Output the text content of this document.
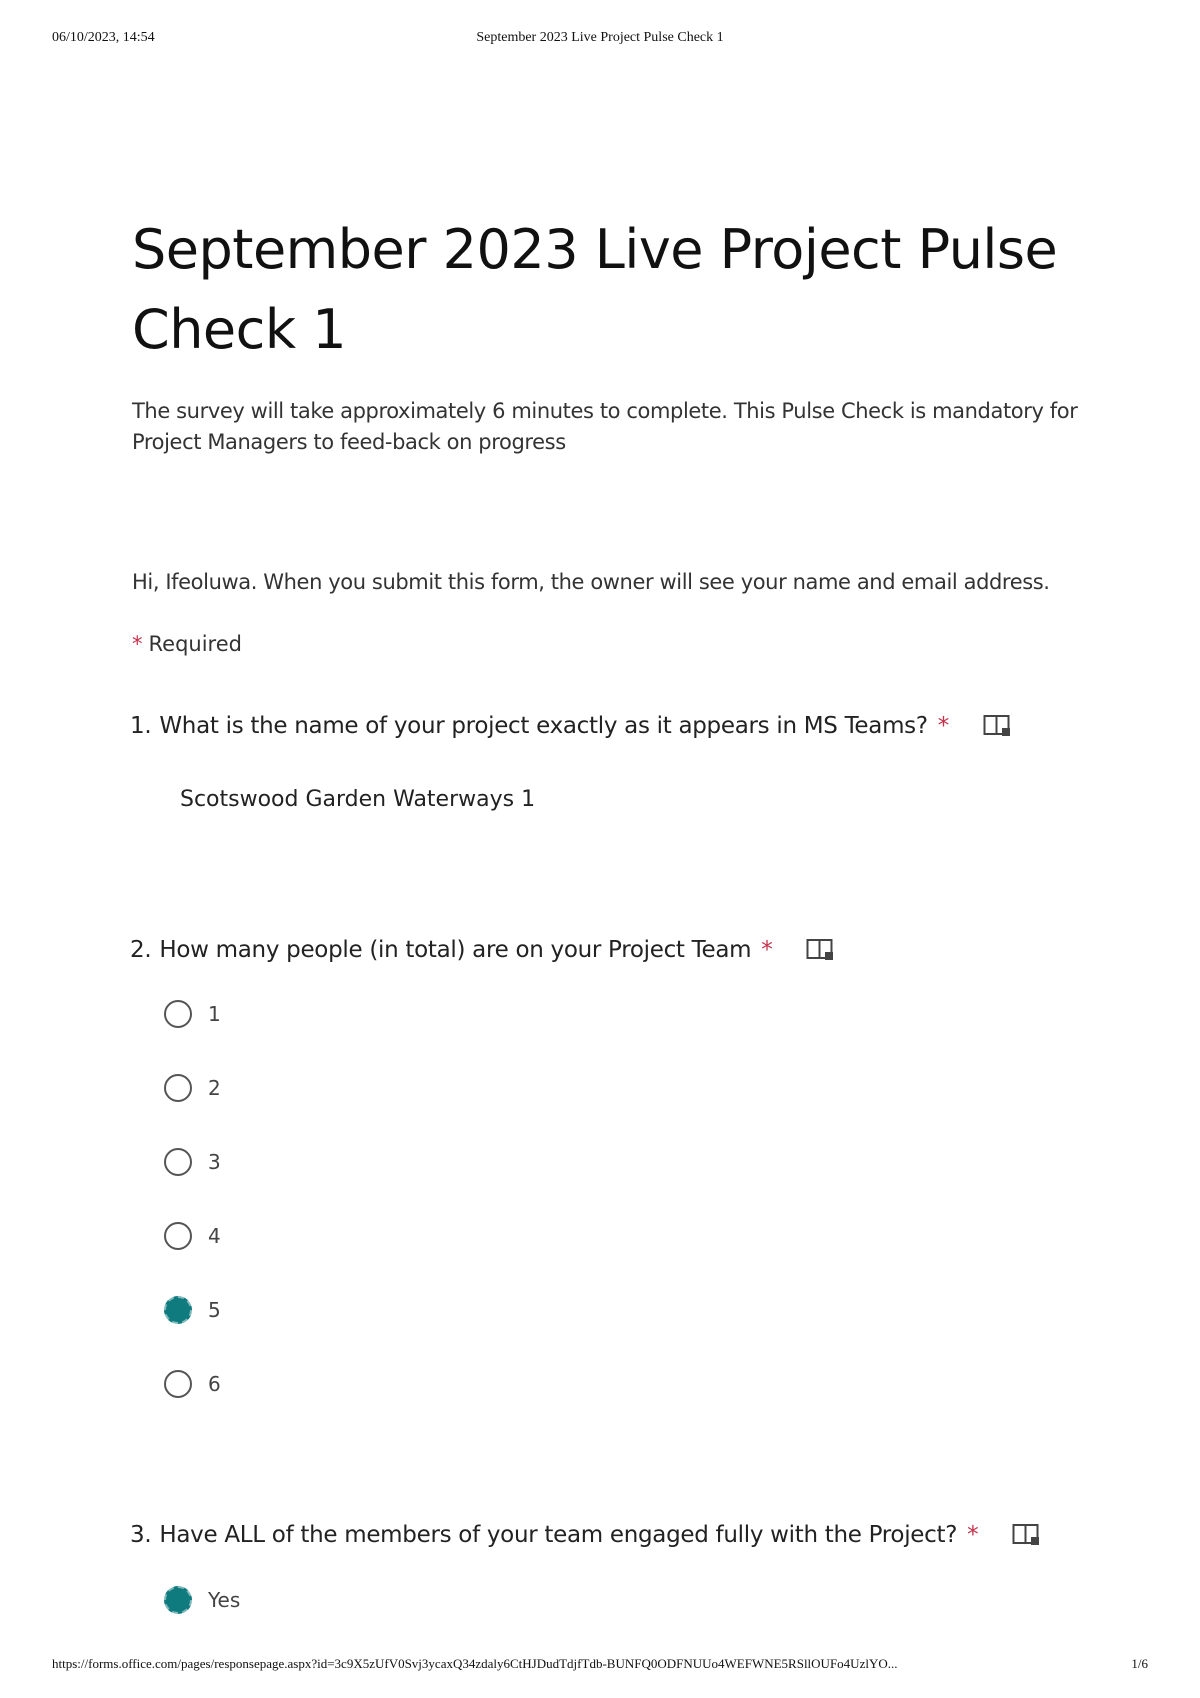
06/10/2023, 14:54	September 2023 Live Project Pulse Check 1
September 2023 Live Project Pulse Check 1
The survey will take approximately 6 minutes to complete. This Pulse Check is mandatory for Project Managers to feed-back on progress
Hi, Ifeoluwa. When you submit this form, the owner will see your name and email address.
* Required
1. What is the name of your project exactly as it appears in MS Teams? *
Scotswood Garden Waterways 1
2. How many people (in total) are on your Project Team *
1
2
3
4
5
6
3. Have ALL of the members of your team engaged fully with the Project? *
Yes
https://forms.office.com/pages/responsepage.aspx?id=3c9X5zUfV0Svj3ycaxQ34zdaly6CtHJDudTdjfTdb-BUNFQ0ODFNUUo4WEFWNE5RSllOUFo4UzlYO...	1/6
